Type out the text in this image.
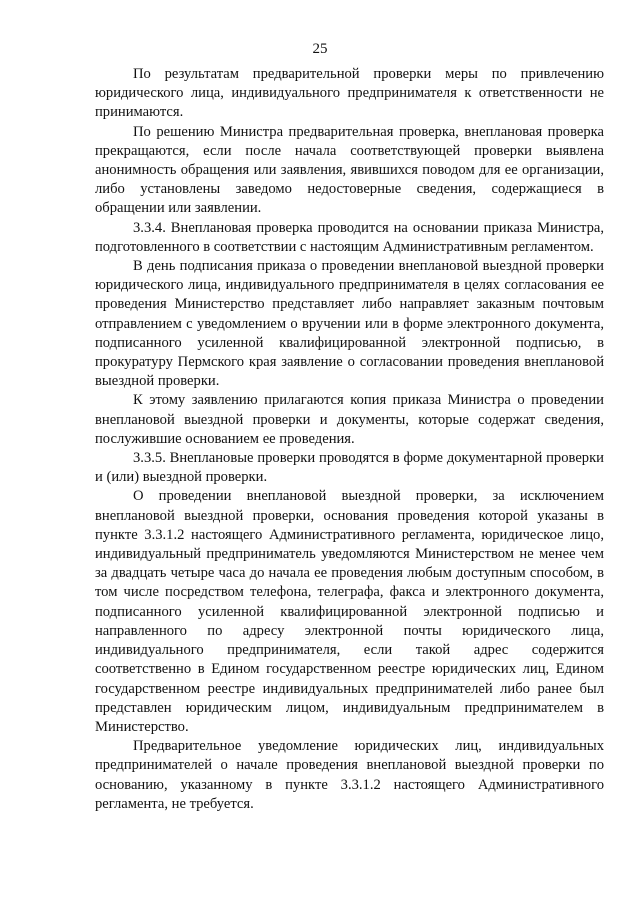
25

По результатам предварительной проверки меры по привлечению юридического лица, индивидуального предпринимателя к ответственности не принимаются.

По решению Министра предварительная проверка, внеплановая проверка прекращаются, если после начала соответствующей проверки выявлена анонимность обращения или заявления, явившихся поводом для ее организации, либо установлены заведомо недостоверные сведения, содержащиеся в обращении или заявлении.

3.3.4. Внеплановая проверка проводится на основании приказа Министра, подготовленного в соответствии с настоящим Административным регламентом.

В день подписания приказа о проведении внеплановой выездной проверки юридического лица, индивидуального предпринимателя в целях согласования ее проведения Министерство представляет либо направляет заказным почтовым отправлением с уведомлением о вручении или в форме электронного документа, подписанного усиленной квалифицированной электронной подписью, в прокуратуру Пермского края заявление о согласовании проведения внеплановой выездной проверки.

К этому заявлению прилагаются копия приказа Министра о проведении внеплановой выездной проверки и документы, которые содержат сведения, послужившие основанием ее проведения.

3.3.5. Внеплановые проверки проводятся в форме документарной проверки и (или) выездной проверки.

О проведении внеплановой выездной проверки, за исключением внеплановой выездной проверки, основания проведения которой указаны в пункте 3.3.1.2 настоящего Административного регламента, юридическое лицо, индивидуальный предприниматель уведомляются Министерством не менее чем за двадцать четыре часа до начала ее проведения любым доступным способом, в том числе посредством телефона, телеграфа, факса и электронного документа, подписанного усиленной квалифицированной электронной подписью и направленного по адресу электронной почты юридического лица, индивидуального предпринимателя, если такой адрес содержится соответственно в Едином государственном реестре юридических лиц, Едином государственном реестре индивидуальных предпринимателей либо ранее был представлен юридическим лицом, индивидуальным предпринимателем в Министерство.

Предварительное уведомление юридических лиц, индивидуальных предпринимателей о начале проведения внеплановой выездной проверки по основанию, указанному в пункте 3.3.1.2 настоящего Административного регламента, не требуется.
